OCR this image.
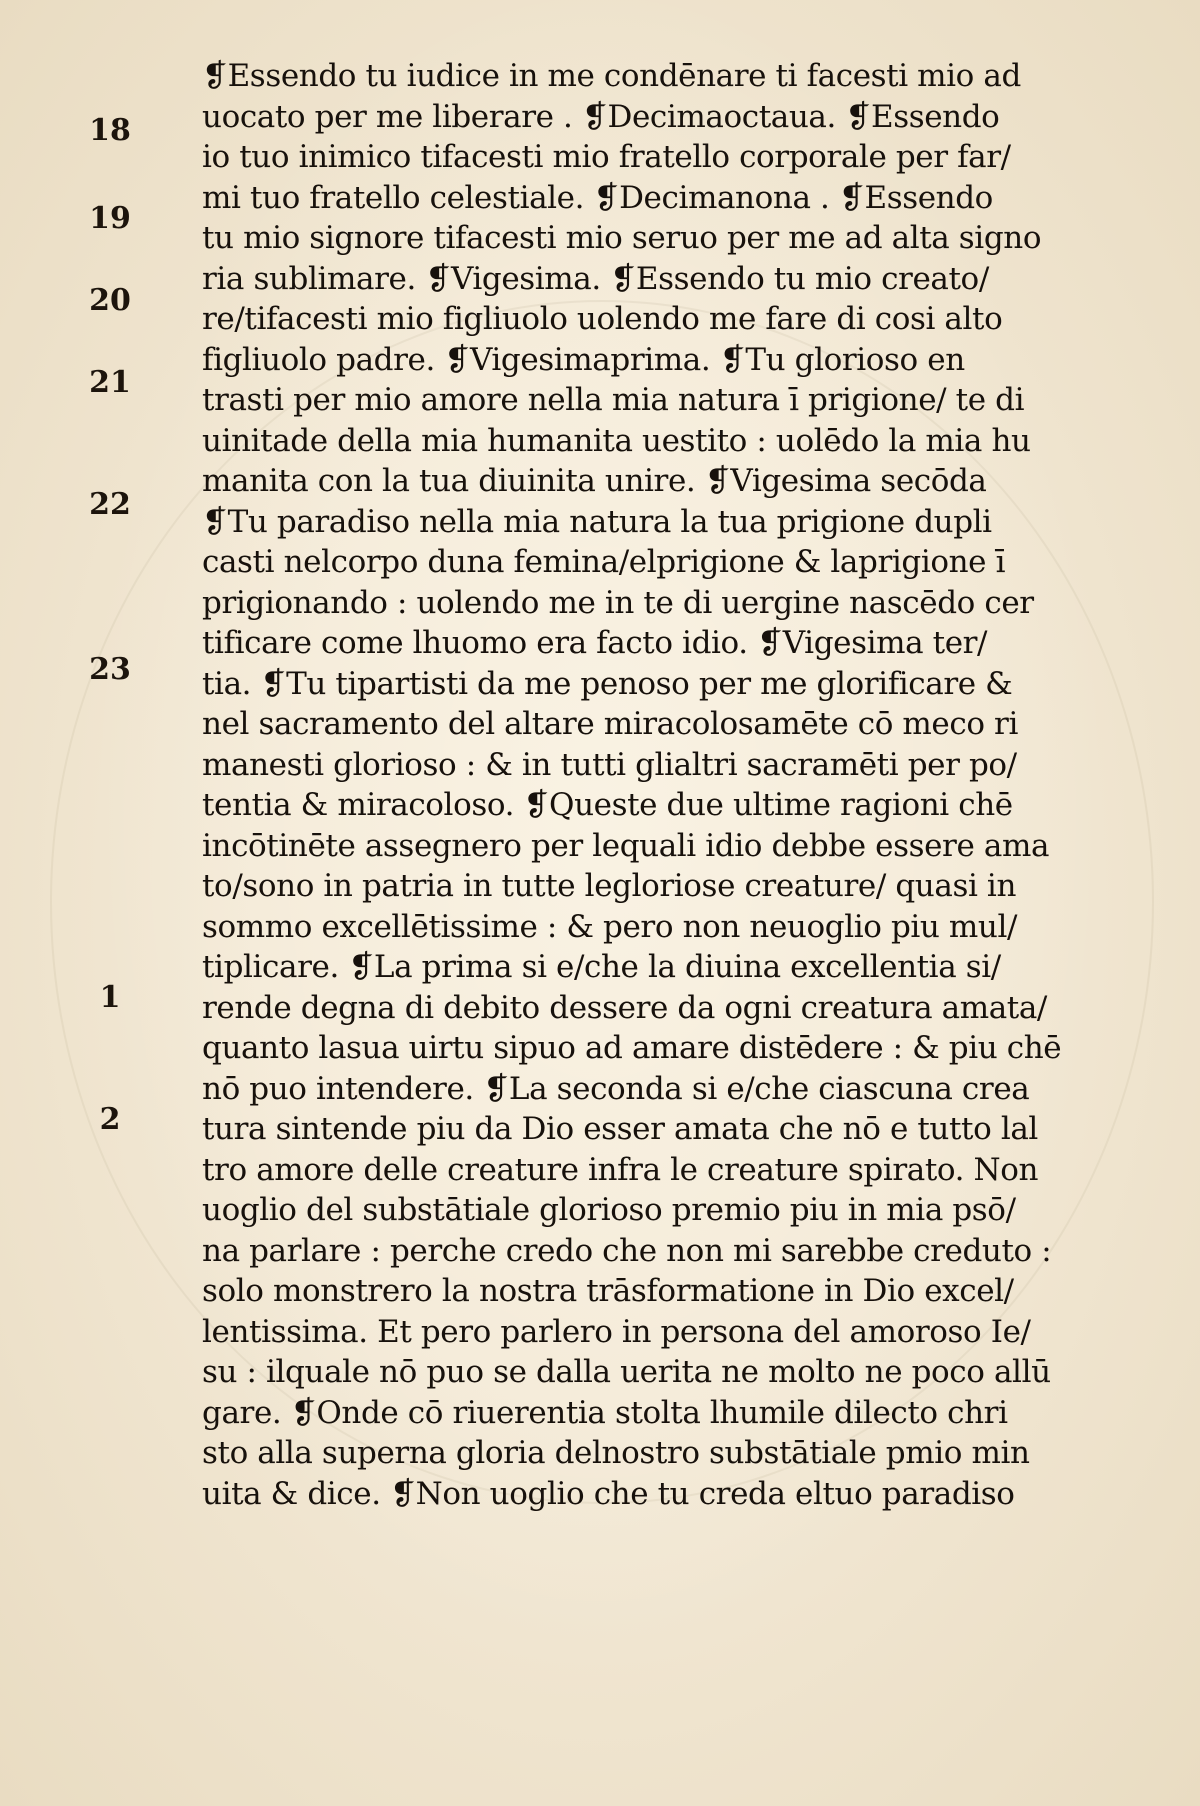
18
19
20
21
22
23
1
2
❡Essendo tu iudice in me condēnare ti facesti mio ad
uocato per me liberare . ❡Decimaoctaua. ❡Essendo
io tuo inimico tifacesti mio fratello corporale per far/
mi tuo fratello celestiale. ❡Decimanona . ❡Essendo
tu mio signore tifacesti mio seruo per me ad alta signo
ria sublimare. ❡Vigesima. ❡Essendo tu mio creato/
re/tifacesti mio figliuolo uolendo me fare di cosi alto
figliuolo padre. ❡Vigesimaprima. ❡Tu glorioso en
trasti per mio amore nella mia natura ī prigione/ te di
uinitade della mia humanita uestito : uolēdo la mia hu
manita con la tua diuinita unire. ❡Vigesima secōda
❡Tu paradiso nella mia natura la tua prigione dupli
casti nelcorpo duna femina/elprigione & laprigione ī
prigionando : uolendo me in te di uergine nascēdo cer
tificare come lhuomo era facto idio. ❡Vigesima ter/
tia. ❡Tu tipartisti da me penoso per me glorificare &
nel sacramento del altare miracolosamēte cō meco ri
manesti glorioso : & in tutti glialtri sacramēti per po/
tentia & miracoloso. ❡Queste due ultime ragioni chē
incōtinēte assegnero per lequali idio debbe essere ama
to/sono in patria in tutte legloriose creature/ quasi in
sommo excellētissime : & pero non neuoglio piu mul/
tiplicare. ❡La prima si e/che la diuina excellentia si/
rende degna di debito dessere da ogni creatura amata/
quanto lasua uirtu sipuo ad amare distēdere : & piu chē
nō puo intendere. ❡La seconda si e/che ciascuna crea
tura sintende piu da Dio esser amata che nō e tutto lal
tro amore delle creature infra le creature spirato. Non
uoglio del substātiale glorioso premio piu in mia psō/
na parlare : perche credo che non mi sarebbe creduto :
solo monstrero la nostra trāsformatione in Dio excel/
lentissima. Et pero parlero in persona del amoroso Ie/
su : ilquale nō puo se dalla uerita ne molto ne poco allū
gare. ❡Onde cō riuerentia stolta lhumile dilecto chri
sto alla superna gloria delnostro substātiale pmio min
uita & dice. ❡Non uoglio che tu creda eltuo paradiso
